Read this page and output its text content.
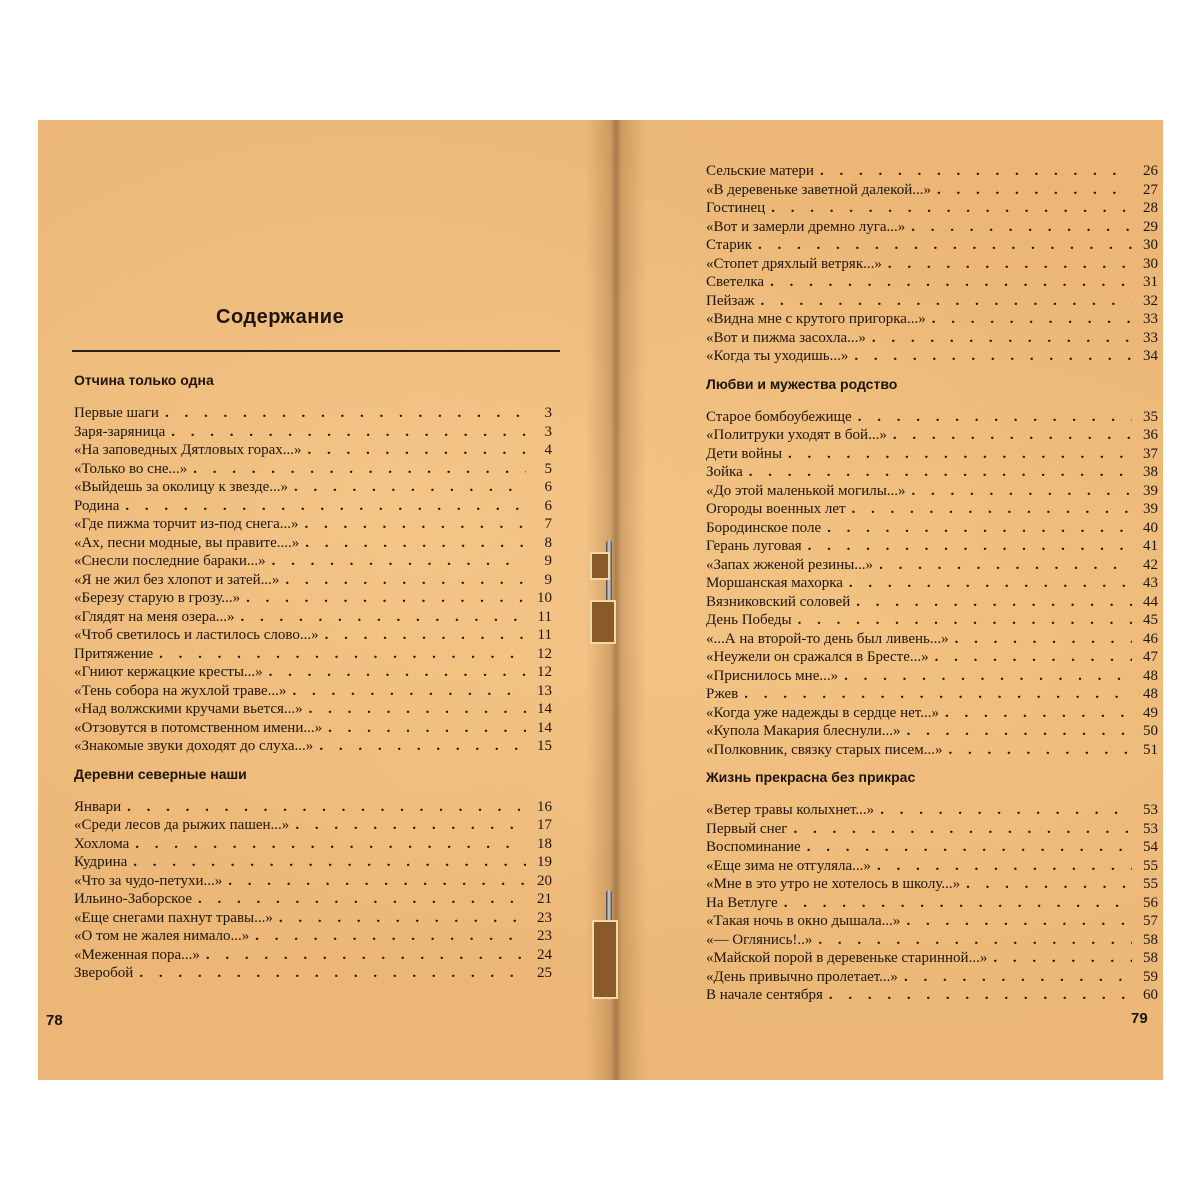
Содержание
Отчина только одна
Первые шаги . . .	3
Заря-заряница . . .	3
«На заповедных Дятловых горах...» . . .	4
«Только во сне...» . . .	5
«Выйдешь за околицу к звезде...» . . .	6
Родина . . .	6
«Где пижма торчит из-под снега...» . . .	7
«Ах, песни модные, вы правите....» . . .	8
«Снесли последние бараки...» . . .	9
«Я не жил без хлопот и затей...» . . .	9
«Березу старую в грозу...» . . .	10
«Глядят на меня озера...» . . .	11
«Чтоб светилось и ластилось слово...» . . .	11
Притяжение . . .	12
«Гниют кержацкие кресты...» . . .	12
«Тень собора на жухлой траве...» . . .	13
«Над волжскими кручами вьется...» . . .	14
«Отзовутся в потомственном имени...» . . .	14
«Знакомые звуки доходят до слуха...» . . .	15
Деревни северные наши
Январи . . .	16
«Среди лесов да рыжих пашен...» . . .	17
Хохлома . . .	18
Кудрина . . .	19
«Что за чудо-петухи...» . . .	20
Ильино-Заборское . . .	21
«Еще снегами пахнут травы...» . . .	23
«О том не жалея нимало...» . . .	23
«Меженная пора...» . . .	24
Зверобой . . .	25
78
Сельские матери . . .	26
«В деревеньке заветной далекой...» . . .	27
Гостинец . . .	28
«Вот и замерли дремно луга...» . . .	29
Старик . . .	30
«Стопет дряхлый ветряк...» . . .	30
Светелка . . .	31
Пейзаж . . .	32
«Видна мне с крутого пригорка...» . . .	33
«Вот и пижма засохла...» . . .	33
«Когда ты уходишь...» . . .	34
Любви и мужества родство
Старое бомбоубежище . . .	35
«Политруки уходят в бой...» . . .	36
Дети войны . . .	37
Зойка . . .	38
«До этой маленькой могилы...» . . .	39
Огороды военных лет . . .	39
Бородинское поле . . .	40
Герань луговая . . .	41
«Запах жженой резины...» . . .	42
Моршанская махорка . . .	43
Вязниковский соловей . . .	44
День Победы . . .	45
«...А на второй-то день был ливень...» . . .	46
«Неужели он сражался в Бресте...» . . .	47
«Приснилось мне...» . . .	48
Ржев . . .	48
«Когда уже надежды в сердце нет...» . . .	49
«Купола Макария блеснули...» . . .	50
«Полковник, связку старых писем...» . . .	51
Жизнь прекрасна без прикрас
«Ветер травы колыхнет...» . . .	53
Первый снег . . .	53
Воспоминание . . .	54
«Еще зима не отгуляла...» . . .	55
«Мне в это утро не хотелось в школу...» . . .	55
На Ветлуге . . .	56
«Такая ночь в окно дышала...» . . .	57
«— Оглянись!..» . . .	58
«Майской порой в деревеньке старинной...» . . .	58
«День привычно пролетает...» . . .	59
В начале сентября . . .	60
79
